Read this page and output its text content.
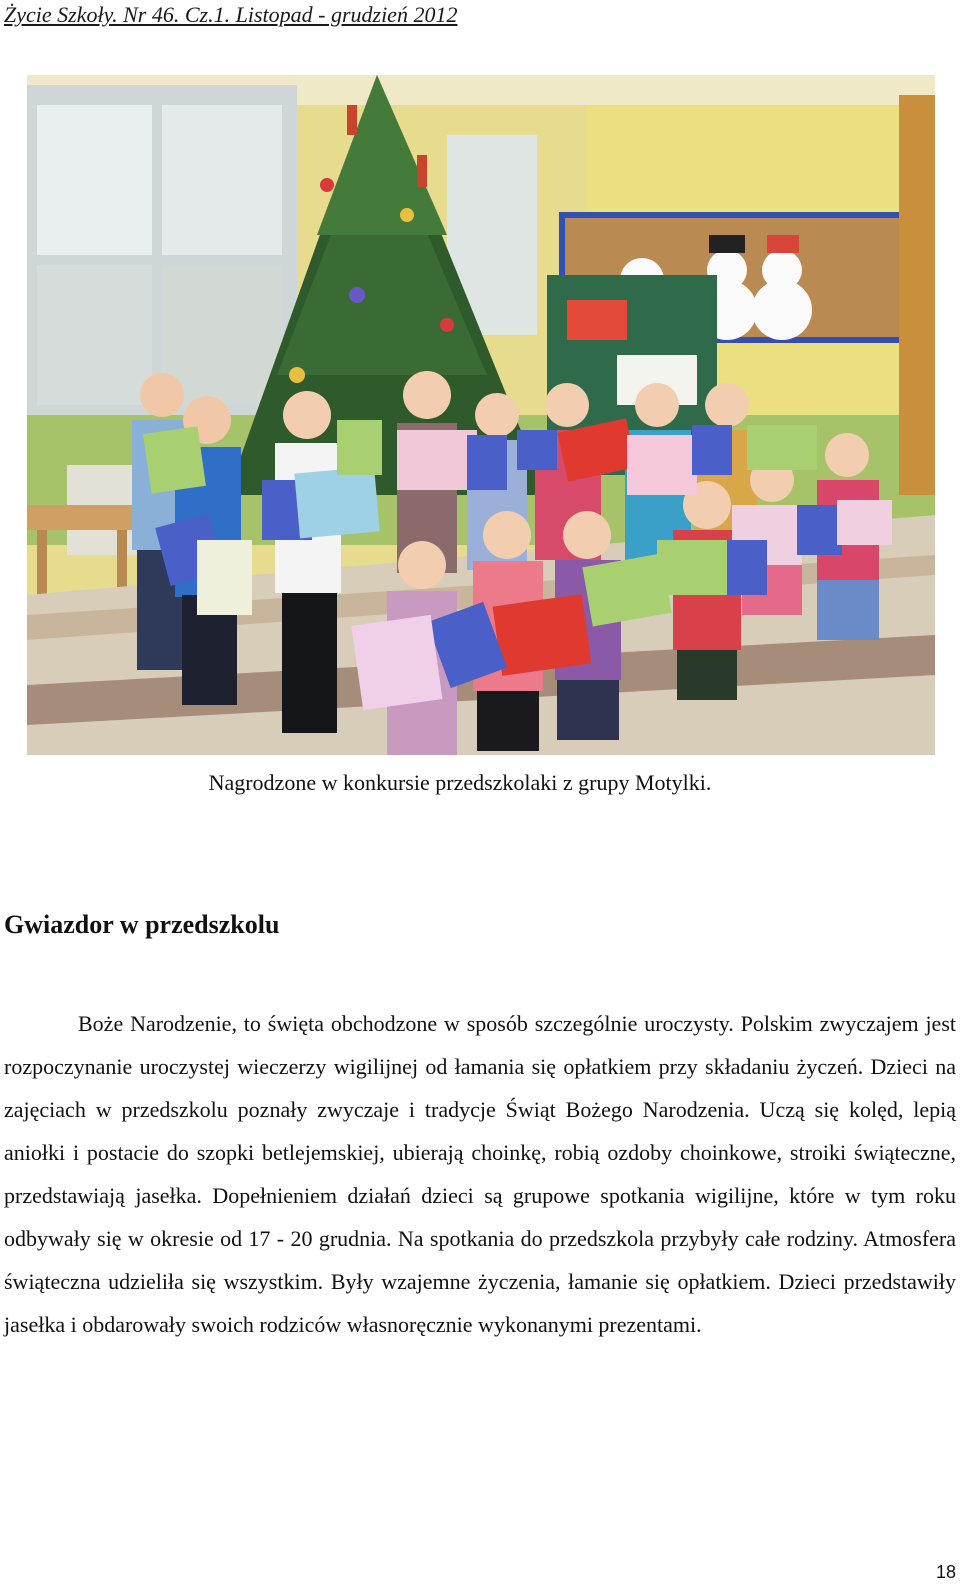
Życie Szkoły. Nr 46. Cz.1. Listopad - grudzień 2012
Nagrodzone w konkursie przedszkolaki z grupy Motylki.
Gwiazdor w przedszkolu

Boże Narodzenie, to święta obchodzone w sposób szczególnie uroczysty. Polskim zwyczajem jest rozpoczynanie uroczystej wieczerzy wigilijnej od łamania się opłatkiem przy składaniu życzeń. Dzieci na zajęciach w przedszkolu poznały zwyczaje i tradycje Świąt Bożego Narodzenia. Uczą się kolęd, lepią aniołki i postacie do szopki betlejemskiej, ubierają choinkę, robią ozdoby choinkowe, stroiki świąteczne, przedstawiają jasełka. Dopełnieniem działań dzieci są grupowe spotkania wigilijne, które w tym roku odbywały się w okresie od 17 - 20 grudnia. Na spotkania do przedszkola przybyły całe rodziny. Atmosfera świąteczna udzieliła się wszystkim. Były wzajemne życzenia, łamanie się opłatkiem. Dzieci przedstawiły jasełka i obdarowały swoich rodziców własnoręcznie wykonanymi prezentami.

18
